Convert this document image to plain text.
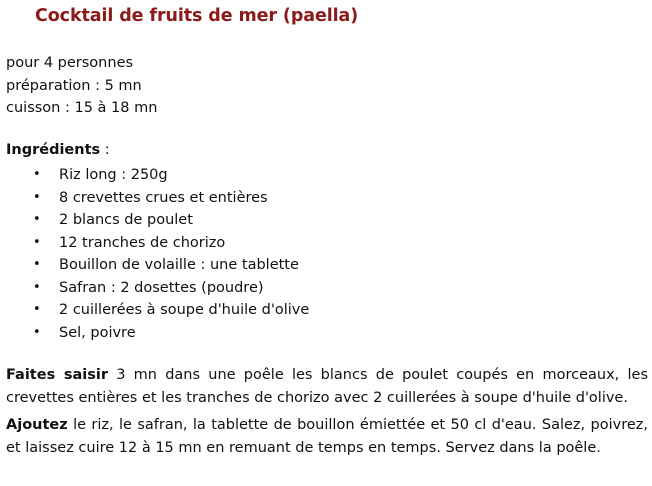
Cocktail de fruits de mer (paella)
pour 4 personnes
préparation : 5 mn
cuisson : 15 à 18 mn
Ingrédients :
• Riz long : 250g
• 8 crevettes crues et entières
• 2 blancs de poulet
• 12 tranches de chorizo
• Bouillon de volaille : une tablette
• Safran : 2 dosettes (poudre)
• 2 cuillerées à soupe d'huile d'olive
• Sel, poivre

Faites saisir 3 mn dans une poêle les blancs de poulet coupés en morceaux, les crevettes entières et les tranches de chorizo avec 2 cuillerées à soupe d'huile d'olive.

Ajoutez le riz, le safran, la tablette de bouillon émiettée et 50 cl d'eau. Salez, poivrez, et laissez cuire 12 à 15 mn en remuant de temps en temps. Servez dans la poêle.
